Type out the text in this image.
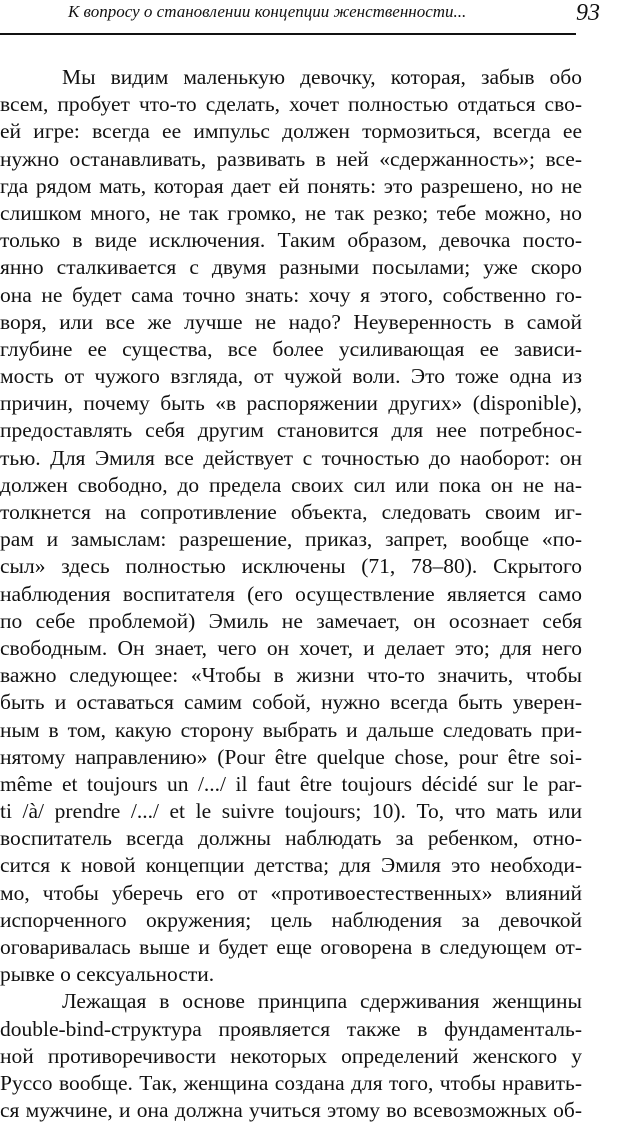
К вопросу о становлении концепции женственности...	93
Мы видим маленькую девочку, которая, забыв обо
всем, пробует что-то сделать, хочет полностью отдаться сво-
ей игре: всегда ее импульс должен тормозиться, всегда ее
нужно останавливать, развивать в ней «сдержанность»; все-
гда рядом мать, которая дает ей понять: это разрешено, но не
слишком много, не так громко, не так резко; тебе можно, но
только в виде исключения. Таким образом, девочка посто-
янно сталкивается с двумя разными посылами; уже скоро
она не будет сама точно знать: хочу я этого, собственно го-
воря, или все же лучше не надо? Неуверенность в самой
глубине ее существа, все более усиливающая ее зависи-
мость от чужого взгляда, от чужой воли. Это тоже одна из
причин, почему быть «в распоряжении других» (disponible),
предоставлять себя другим становится для нее потребнос-
тью. Для Эмиля все действует с точностью до наоборот: он
должен свободно, до предела своих сил или пока он не на-
толкнется на сопротивление объекта, следовать своим иг-
рам и замыслам: разрешение, приказ, запрет, вообще «по-
сыл» здесь полностью исключены (71, 78–80). Скрытого
наблюдения воспитателя (его осуществление является само
по себе проблемой) Эмиль не замечает, он осознает себя
свободным. Он знает, чего он хочет, и делает это; для него
важно следующее: «Чтобы в жизни что-то значить, чтобы
быть и оставаться самим собой, нужно всегда быть уверен-
ным в том, какую сторону выбрать и дальше следовать при-
нятому направлению» (Pour être quelque chose, pour être soi-
même et toujours un /.../ il faut être toujours décidé sur le par-
ti /à/ prendre /.../ et le suivre toujours; 10). То, что мать или
воспитатель всегда должны наблюдать за ребенком, отно-
сится к новой концепции детства; для Эмиля это необходи-
мо, чтобы уберечь его от «противоестественных» влияний
испорченного окружения; цель наблюдения за девочкой
оговаривалась выше и будет еще оговорена в следующем от-
рывке о сексуальности.
Лежащая в основе принципа сдерживания женщины
double-bind-структура проявляется также в фундаменталь-
ной противоречивости некоторых определений женского у
Руссо вообще. Так, женщина создана для того, чтобы нравить-
ся мужчине, и она должна учиться этому во всевозможных об-
